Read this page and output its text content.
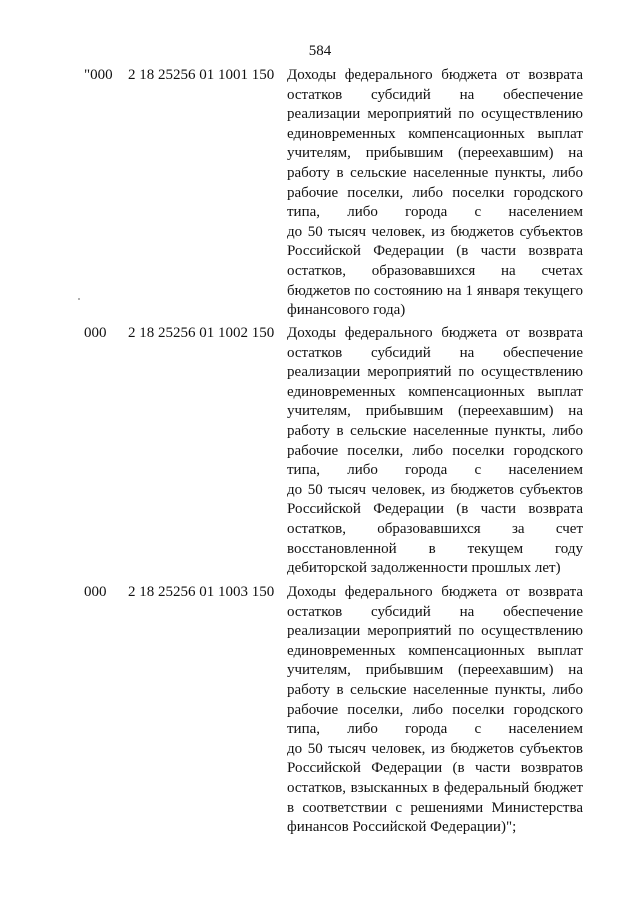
584
"000 2 18 25256 01 1001 150 Доходы федерального бюджета от возврата
остатков субсидий на обеспечение
реализации мероприятий по осуществлению
единовременных компенсационных выплат
учителям, прибывшим (переехавшим) на
работу в сельские населенные пункты, либо
рабочие поселки, либо поселки городского
типа, либо города с населением
до 50 тысяч человек, из бюджетов субъектов
Российской Федерации (в части возврата
остатков, образовавшихся на счетах
бюджетов по состоянию на 1 января текущего
финансового года)
000 2 18 25256 01 1002 150 Доходы федерального бюджета от возврата
остатков субсидий на обеспечение
реализации мероприятий по осуществлению
единовременных компенсационных выплат
учителям, прибывшим (переехавшим) на
работу в сельские населенные пункты, либо
рабочие поселки, либо поселки городского
типа, либо города с населением
до 50 тысяч человек, из бюджетов субъектов
Российской Федерации (в части возврата
остатков, образовавшихся за счет
восстановленной в текущем году
дебиторской задолженности прошлых лет)
000 2 18 25256 01 1003 150 Доходы федерального бюджета от возврата
остатков субсидий на обеспечение
реализации мероприятий по осуществлению
единовременных компенсационных выплат
учителям, прибывшим (переехавшим) на
работу в сельские населенные пункты, либо
рабочие поселки, либо поселки городского
типа, либо города с населением
до 50 тысяч человек, из бюджетов субъектов
Российской Федерации (в части возвратов
остатков, взысканных в федеральный бюджет
в соответствии с решениями Министерства
финансов Российской Федерации)";
